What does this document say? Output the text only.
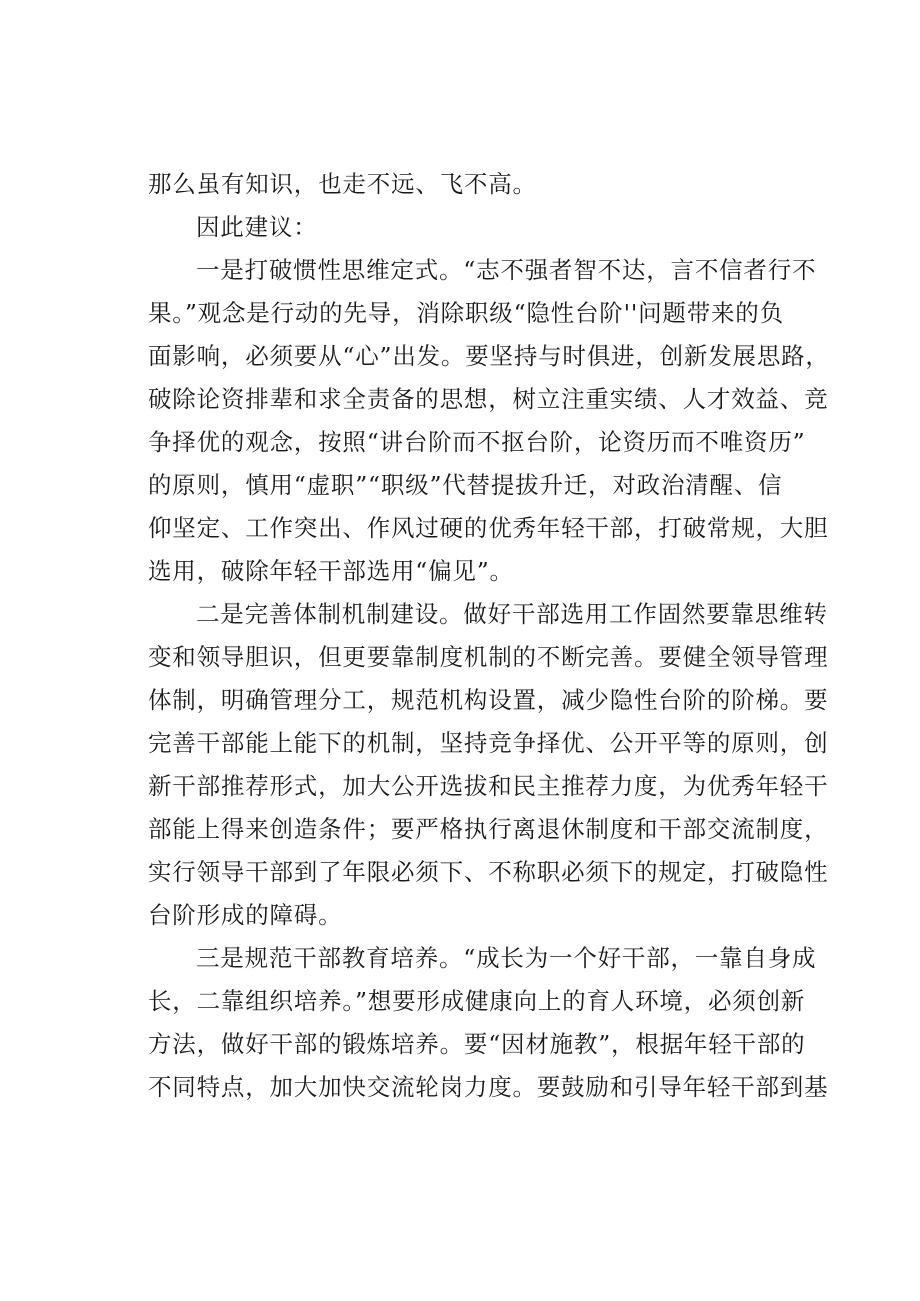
那么虽有知识，也走不远、飞不高。
因此建议：
一是打破惯性思维定式。“志不强者智不达，言不信者行不
果。”观念是行动的先导，消除职级“隐性台阶''问题带来的负
面影响，必须要从“心”出发。要坚持与时俱进，创新发展思路，
破除论资排辈和求全责备的思想，树立注重实绩、人才效益、竞
争择优的观念，按照“讲台阶而不抠台阶，论资历而不唯资历”
的原则，慎用“虚职”“职级”代替提拔升迁，对政治清醒、信
仰坚定、工作突出、作风过硬的优秀年轻干部，打破常规，大胆
选用，破除年轻干部选用“偏见”。
二是完善体制机制建设。做好干部选用工作固然要靠思维转
变和领导胆识，但更要靠制度机制的不断完善。要健全领导管理
体制，明确管理分工，规范机构设置，减少隐性台阶的阶梯。要
完善干部能上能下的机制，坚持竞争择优、公开平等的原则，创
新干部推荐形式，加大公开选拔和民主推荐力度，为优秀年轻干
部能上得来创造条件；要严格执行离退休制度和干部交流制度，
实行领导干部到了年限必须下、不称职必须下的规定，打破隐性
台阶形成的障碍。
三是规范干部教育培养。“成长为一个好干部，一靠自身成
长，二靠组织培养。”想要形成健康向上的育人环境，必须创新
方法，做好干部的锻炼培养。要“因材施教”，根据年轻干部的
不同特点，加大加快交流轮岗力度。要鼓励和引导年轻干部到基
